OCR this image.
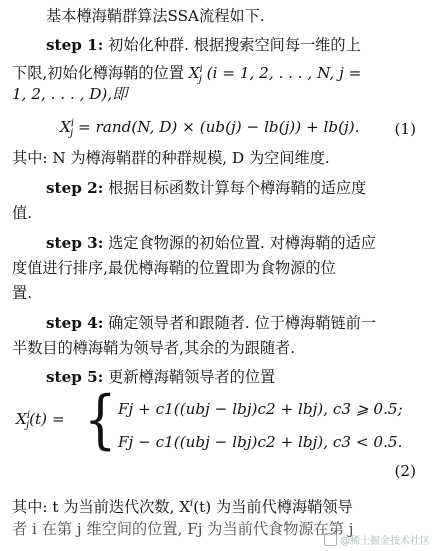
基本樽海鞘群算法SSA流程如下.
step 1: 初始化种群. 根据搜索空间每一维的上
下限,初始化樽海鞘的位置 $X^i_j$ (i = 1, 2, . . . , N, j =
1, 2, . . . , D),即
$X^i_j$ = rand(N, D) × (ub(j) − lb(j)) + lb(j). (1)
其中: N 为樽海鞘群的种群规模, D 为空间维度.
step 2: 根据目标函数计算每个樽海鞘的适应度
值.
step 3: 选定食物源的初始位置. 对樽海鞘的适应
度值进行排序,最优樽海鞘的位置即为食物源的位
置.
step 4: 确定领导者和跟随者. 位于樽海鞘链前一
半数目的樽海鞘为领导者,其余的为跟随者.
step 5: 更新樽海鞘领导者的位置
$X^i_j(t)$ = { Fj + c1((ubj − lbj)c2 + lbj), c3 ⩾ 0.5;
Fj − c1((ubj − lbj)c2 + lbj), c3 < 0.5.
(2)
其中: t 为当前迭代次数, $X^i(t)$ 为当前代樽海鞘领导
者 i 在第 j 维空间的位置, Fj 为当前代食物源在第 j
@稀土掘金技术社区
